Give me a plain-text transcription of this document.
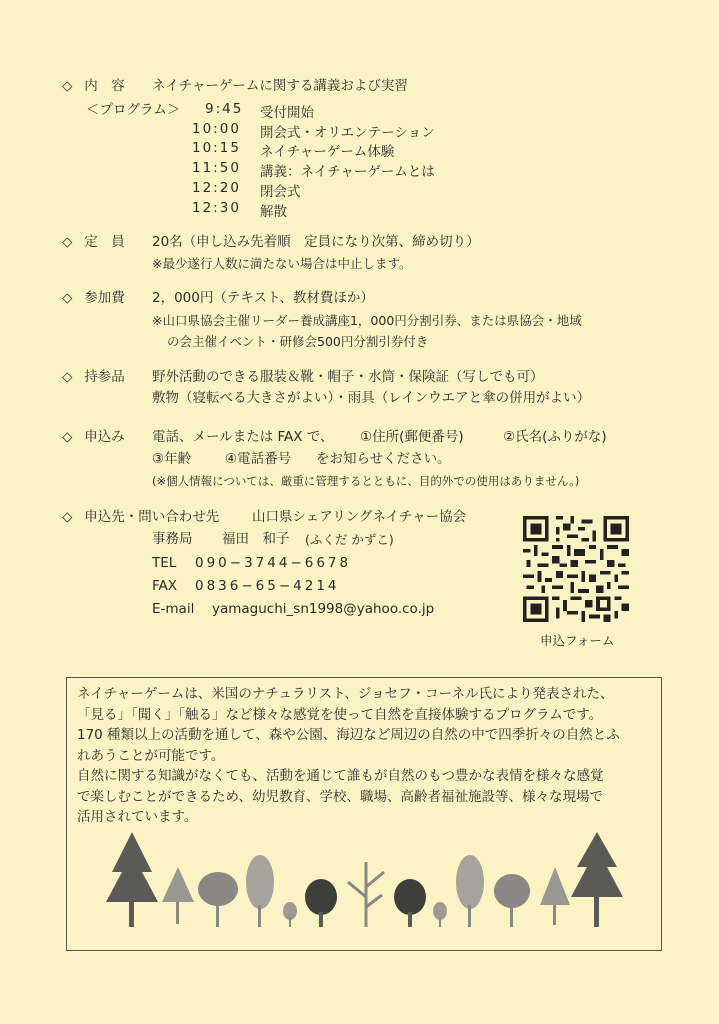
◇ 内　容 ネイチャーゲームに関する講義および実習
＜プログラム＞ 9:45 受付開始
10:00 開会式・オリエンテーション
10:15 ネイチャーゲーム体験
11:50 講義：ネイチャーゲームとは
12:20 閉会式
12:30 解散
◇ 定　員 20名（申し込み先着順　定員になり次第、締め切り）
※最少遂行人数に満たない場合は中止します。
◇ 参加費 2，000円（テキスト、教材費ほか）
※山口県協会主催リーダー養成講座1，000円分割引券、または県協会・地域
の会主催イベント・研修会500円分割引券付き
◇ 持参品 野外活動のできる服装＆靴・帽子・水筒・保険証（写しでも可）
敷物（寝転べる大きさがよい）・雨具（レインウエアと傘の併用がよい）
◇ 申込み 電話、メールまたは FAX で、 ①住所(郵便番号)	②氏名(ふりがな)
③年齢	④電話番号 をお知らせください。
(※個人情報については、厳重に管理するとともに、目的外での使用はありません。)
◇ 申込先・問い合わせ先 山口県シェアリングネイチャー協会
事務局 福田　和子 (ふくだ かずこ)
TEL 090−3744−6678
FAX 0836−65−4214
E-mail yamaguchi_sn1998@yahoo.co.jp
申込フォーム
ネイチャーゲームは、米国のナチュラリスト、ジョセフ・コーネル氏により発表された、
「見る」「聞く」「触る」など様々な感覚を使って自然を直接体験するプログラムです。
170 種類以上の活動を通して、森や公園、海辺など周辺の自然の中で四季折々の自然とふ
れあうことが可能です。
自然に関する知識がなくても、活動を通じて誰もが自然のもつ豊かな表情を様々な感覚
で楽しむことができるため、幼児教育、学校、職場、高齢者福祉施設等、様々な現場で
活用されています。
